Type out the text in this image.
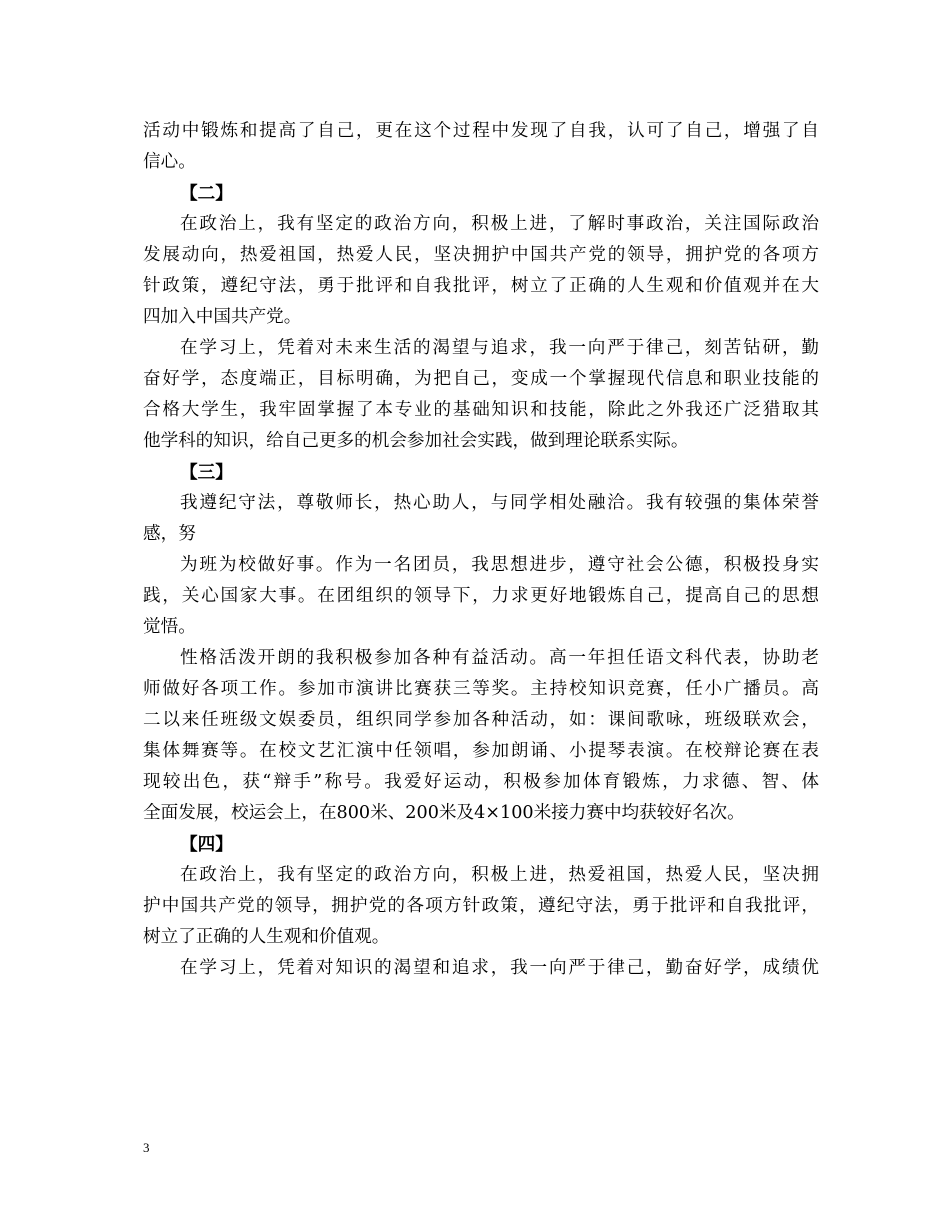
活动中锻炼和提高了自己，更在这个过程中发现了自我，认可了自己，增强了自
信心。
【二】
在政治上，我有坚定的政治方向，积极上进，了解时事政治，关注国际政治
发展动向，热爱祖国，热爱人民，坚决拥护中国共产党的领导，拥护党的各项方
针政策，遵纪守法，勇于批评和自我批评，树立了正确的人生观和价值观并在大
四加入中国共产党。
在学习上，凭着对未来生活的渴望与追求，我一向严于律己，刻苦钻研，勤
奋好学，态度端正，目标明确，为把自己，变成一个掌握现代信息和职业技能的
合格大学生，我牢固掌握了本专业的基础知识和技能，除此之外我还广泛猎取其
他学科的知识，给自己更多的机会参加社会实践，做到理论联系实际。
【三】
我遵纪守法，尊敬师长，热心助人，与同学相处融洽。我有较强的集体荣誉
感，努
为班为校做好事。作为一名团员，我思想进步，遵守社会公德，积极投身实
践，关心国家大事。在团组织的领导下，力求更好地锻炼自己，提高自己的思想
觉悟。
性格活泼开朗的我积极参加各种有益活动。高一年担任语文科代表，协助老
师做好各项工作。参加市演讲比赛获三等奖。主持校知识竞赛，任小广播员。高
二以来任班级文娱委员，组织同学参加各种活动，如：课间歌咏，班级联欢会，
集体舞赛等。在校文艺汇演中任领唱，参加朗诵、小提琴表演。在校辩论赛在表
现较出色，获“辩手”称号。我爱好运动，积极参加体育锻炼，力求德、智、体
全面发展，校运会上，在800米、200米及4×100米接力赛中均获较好名次。
【四】
在政治上，我有坚定的政治方向，积极上进，热爱祖国，热爱人民，坚决拥
护中国共产党的领导，拥护党的各项方针政策，遵纪守法，勇于批评和自我批评，
树立了正确的人生观和价值观。
在学习上，凭着对知识的渴望和追求，我一向严于律己，勤奋好学，成绩优
3
